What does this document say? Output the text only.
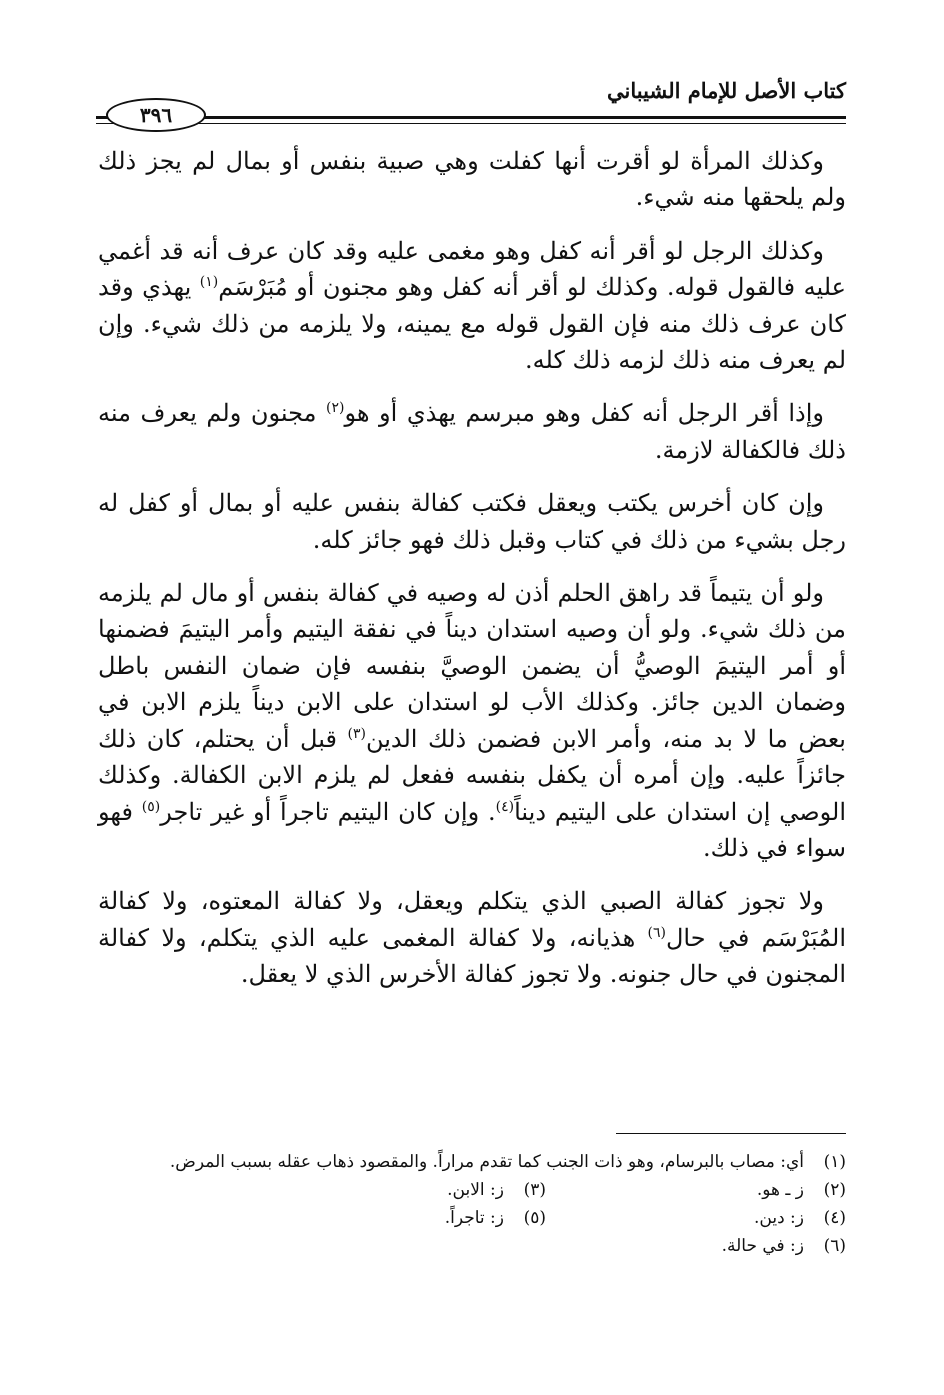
كتاب الأصل للإمام الشيباني
٣٩٦

وكذلك المرأة لو أقرت أنها كفلت وهي صبية بنفس أو بمال لم يجز ذلك ولم يلحقها منه شيء.

وكذلك الرجل لو أقر أنه كفل وهو مغمى عليه وقد كان عرف أنه قد أغمي عليه فالقول قوله. وكذلك لو أقر أنه كفل وهو مجنون أو مُبَرْسَم$^{(١)}$ يهذي وقد كان عرف ذلك منه فإن القول قوله مع يمينه، ولا يلزمه من ذلك شيء. وإن لم يعرف منه ذلك لزمه ذلك كله.

وإذا أقر الرجل أنه كفل وهو مبرسم يهذي أو هو$^{(٢)}$ مجنون ولم يعرف منه ذلك فالكفالة لازمة.

وإن كان أخرس يكتب ويعقل فكتب كفالة بنفس عليه أو بمال أو كفل له رجل بشيء من ذلك في كتاب وقبل ذلك فهو جائز كله.

ولو أن يتيماً قد راهق الحلم أذن له وصيه في كفالة بنفس أو مال لم يلزمه من ذلك شيء. ولو أن وصيه استدان ديناً في نفقة اليتيم وأمر اليتيمَ فضمنها أو أمر اليتيمَ الوصيُّ أن يضمن الوصيَّ بنفسه فإن ضمان النفس باطل وضمان الدين جائز. وكذلك الأب لو استدان على الابن ديناً يلزم الابن في بعض ما لا بد منه، وأمر الابن فضمن ذلك الدين$^{(٣)}$ قبل أن يحتلم، كان ذلك جائزاً عليه. وإن أمره أن يكفل بنفسه ففعل لم يلزم الابن الكفالة. وكذلك الوصي إن استدان على اليتيم ديناً$^{(٤)}$. وإن كان اليتيم تاجراً أو غير تاجر$^{(٥)}$ فهو سواء في ذلك.

ولا تجوز كفالة الصبي الذي يتكلم ويعقل، ولا كفالة المعتوه، ولا كفالة المُبَرْسَم في حال$^{(٦)}$ هذيانه، ولا كفالة المغمى عليه الذي يتكلم، ولا كفالة المجنون في حال جنونه. ولا تجوز كفالة الأخرس الذي لا يعقل.

(١)
أي: مصاب بالبرسام، وهو ذات الجنب كما تقدم مراراً. والمقصود ذهاب عقله بسبب المرض.
(٢)
ز ـ هو.
(٣)
ز: الابن.
(٤)
ز: دين.
(٥)
ز: تاجراً.
(٦)
ز: في حالة.
